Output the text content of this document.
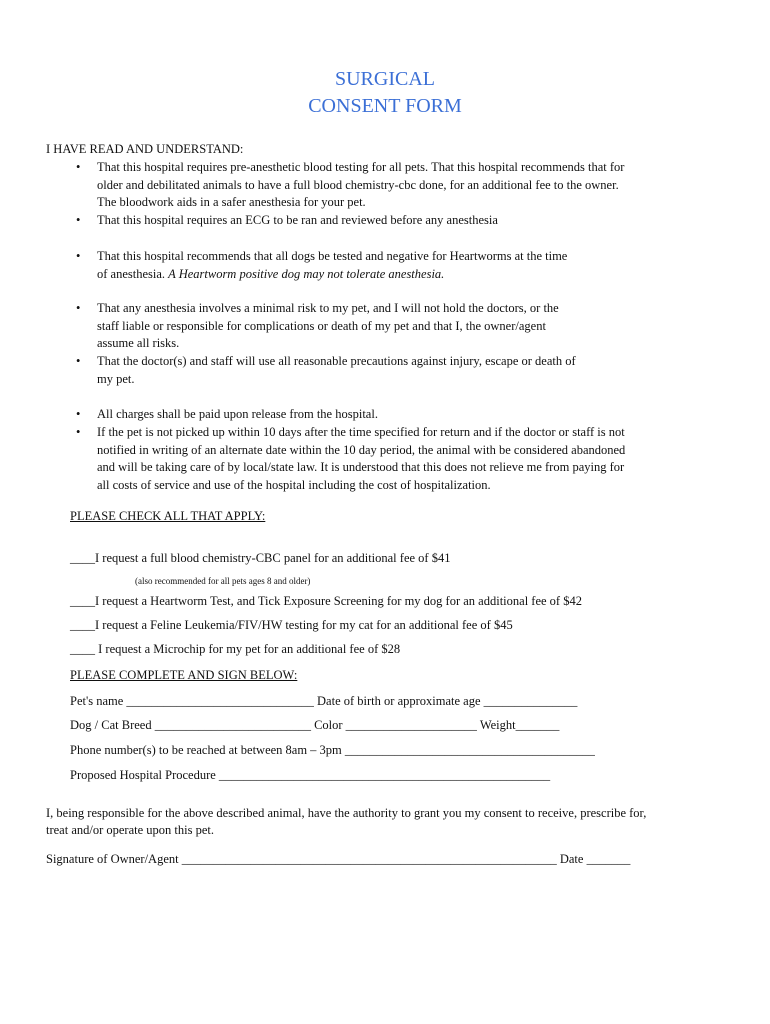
SURGICAL
CONSENT FORM
I HAVE READ AND UNDERSTAND:
• That this hospital requires pre-anesthetic blood testing for all pets. That this hospital recommends that for
older and debilitated animals to have a full blood chemistry-cbc done, for an additional fee to the owner.
The bloodwork aids in a safer anesthesia for your pet.
• That this hospital requires an ECG to be ran and reviewed before any anesthesia
• That this hospital recommends that all dogs be tested and negative for Heartworms at the time
of anesthesia. A Heartworm positive dog may not tolerate anesthesia.
• That any anesthesia involves a minimal risk to my pet, and I will not hold the doctors, or the
staff liable or responsible for complications or death of my pet and that I, the owner/agent
assume all risks.
• That the doctor(s) and staff will use all reasonable precautions against injury, escape or death of
my pet.
• All charges shall be paid upon release from the hospital.
• If the pet is not picked up within 10 days after the time specified for return and if the doctor or staff is not
notified in writing of an alternate date within the 10 day period, the animal with be considered abandoned
and will be taking care of by local/state law. It is understood that this does not relieve me from paying for
all costs of service and use of the hospital including the cost of hospitalization.
PLEASE CHECK ALL THAT APPLY:
____I request a full blood chemistry-CBC panel for an additional fee of $41
(also recommended for all pets ages 8 and older)
____I request a Heartworm Test, and Tick Exposure Screening for my dog for an additional fee of $42
____I request a Feline Leukemia/FIV/HW testing for my cat for an additional fee of $45
____ I request a Microchip for my pet for an additional fee of $28
PLEASE COMPLETE AND SIGN BELOW:
Pet's name ______________________________ Date of birth or approximate age _______________
Dog / Cat Breed _________________________ Color _____________________ Weight_______
Phone number(s) to be reached at between 8am – 3pm ________________________________________
Proposed Hospital Procedure _____________________________________________________
I, being responsible for the above described animal, have the authority to grant you my consent to receive, prescribe for,
treat and/or operate upon this pet.
Signature of Owner/Agent ____________________________________________________________ Date _______
